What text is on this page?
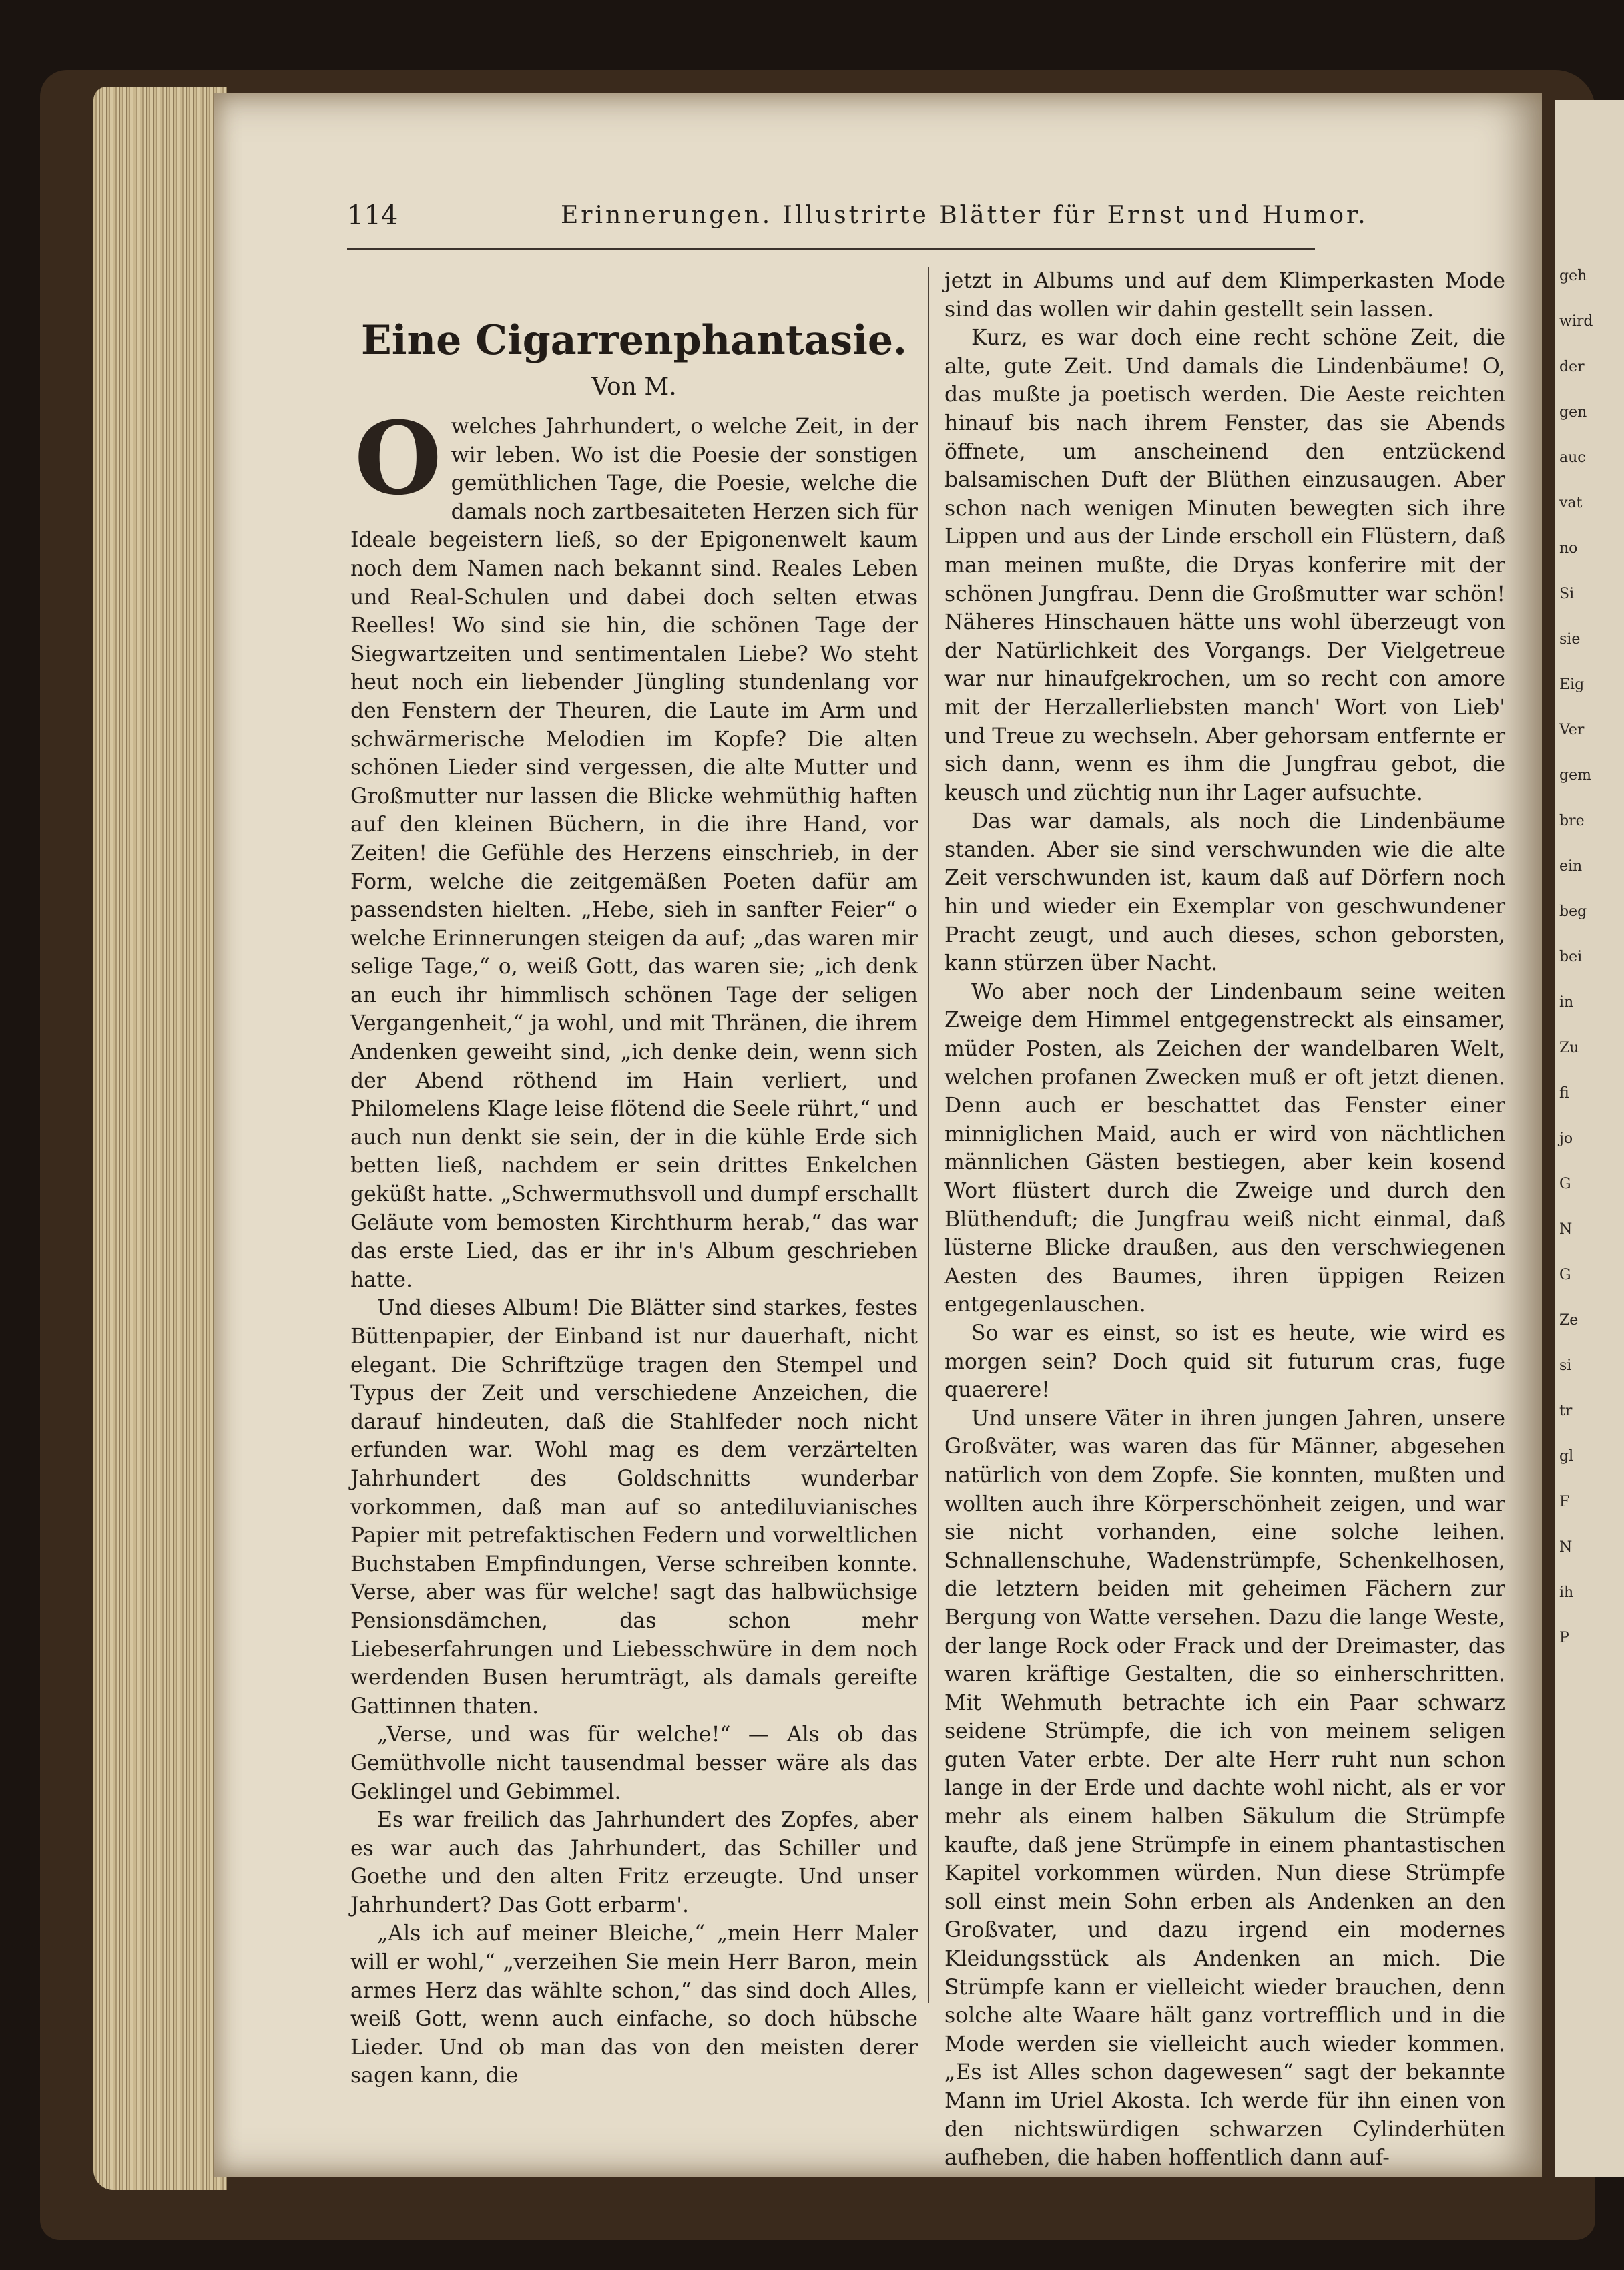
geh
wird
der
gen
auc
vat
no
Si
sie
Eig
Ver
gem
bre
ein
beg
bei
in
Zu
fi
jo
G
N
G
Ze
si
tr
gl
F
N
ih
P
114	Erinnerungen. Illustrirte Blätter für Ernst und Humor.

Eine Cigarrenphantasie.

Von M.

Owelches Jahrhundert, o welche Zeit, in der wir leben. Wo ist die Poesie der sonstigen gemüthlichen Tage, die Poesie, welche die damals noch zartbesaiteten Herzen sich für Ideale begeistern ließ, so der Epigonenwelt kaum noch dem Namen nach bekannt sind. Reales Leben und Real-Schulen und dabei doch selten etwas Reelles! Wo sind sie hin, die schönen Tage der Siegwartzeiten und sentimentalen Liebe? Wo steht heut noch ein liebender Jüngling stundenlang vor den Fenstern der Theuren, die Laute im Arm und schwärmerische Melodien im Kopfe? Die alten schönen Lieder sind vergessen, die alte Mutter und Großmutter nur lassen die Blicke wehmüthig haften auf den kleinen Büchern, in die ihre Hand, vor Zeiten! die Gefühle des Herzens einschrieb, in der Form, welche die zeitgemäßen Poeten dafür am passendsten hielten. „Hebe, sieh in sanfter Feier“ o welche Erinnerungen steigen da auf; „das waren mir selige Tage,“ o, weiß Gott, das waren sie; „ich denk an euch ihr himmlisch schönen Tage der seligen Vergangenheit,“ ja wohl, und mit Thränen, die ihrem Andenken geweiht sind, „ich denke dein, wenn sich der Abend röthend im Hain verliert, und Philomelens Klage leise flötend die Seele rührt,“ und auch nun denkt sie sein, der in die kühle Erde sich betten ließ, nachdem er sein drittes Enkelchen geküßt hatte. „Schwermuthsvoll und dumpf erschallt Geläute vom bemosten Kirchthurm herab,“ das war das erste Lied, das er ihr in's Album geschrieben hatte.

Und dieses Album! Die Blätter sind starkes, festes Büttenpapier, der Einband ist nur dauerhaft, nicht elegant. Die Schriftzüge tragen den Stempel und Typus der Zeit und verschiedene Anzeichen, die darauf hindeuten, daß die Stahlfeder noch nicht erfunden war. Wohl mag es dem verzärtelten Jahrhundert des Goldschnitts wunderbar vorkommen, daß man auf so antediluvianisches Papier mit petrefaktischen Federn und vorweltlichen Buchstaben Empfindungen, Verse schreiben konnte. Verse, aber was für welche! sagt das halbwüchsige Pensionsdämchen, das schon mehr Liebeserfahrungen und Liebesschwüre in dem noch werdenden Busen herumträgt, als damals gereifte Gattinnen thaten.

„Verse, und was für welche!“ — Als ob das Gemüthvolle nicht tausendmal besser wäre als das Geklingel und Gebimmel.

Es war freilich das Jahrhundert des Zopfes, aber es war auch das Jahrhundert, das Schiller und Goethe und den alten Fritz erzeugte. Und unser Jahrhundert? Das Gott erbarm'.

„Als ich auf meiner Bleiche,“ „mein Herr Maler will er wohl,“ „verzeihen Sie mein Herr Baron, mein armes Herz das wählte schon,“ das sind doch Alles, weiß Gott, wenn auch einfache, so doch hübsche Lieder. Und ob man das von den meisten derer sagen kann, die

jetzt in Albums und auf dem Klimperkasten Mode sind das wollen wir dahin gestellt sein lassen.

Kurz, es war doch eine recht schöne Zeit, die alte, gute Zeit. Und damals die Lindenbäume! O, das mußte ja poetisch werden. Die Aeste reichten hinauf bis nach ihrem Fenster, das sie Abends öffnete, um anscheinend den entzückend balsamischen Duft der Blüthen einzusaugen. Aber schon nach wenigen Minuten bewegten sich ihre Lippen und aus der Linde erscholl ein Flüstern, daß man meinen mußte, die Dryas konferire mit der schönen Jungfrau. Denn die Großmutter war schön! Näheres Hinschauen hätte uns wohl überzeugt von der Natürlichkeit des Vorgangs. Der Vielgetreue war nur hinaufgekrochen, um so recht con amore mit der Herzallerliebsten manch' Wort von Lieb' und Treue zu wechseln. Aber gehorsam entfernte er sich dann, wenn es ihm die Jungfrau gebot, die keusch und züchtig nun ihr Lager aufsuchte.

Das war damals, als noch die Lindenbäume standen. Aber sie sind verschwunden wie die alte Zeit verschwunden ist, kaum daß auf Dörfern noch hin und wieder ein Exemplar von geschwundener Pracht zeugt, und auch dieses, schon geborsten, kann stürzen über Nacht.

Wo aber noch der Lindenbaum seine weiten Zweige dem Himmel entgegenstreckt als einsamer, müder Posten, als Zeichen der wandelbaren Welt, welchen profanen Zwecken muß er oft jetzt dienen. Denn auch er beschattet das Fenster einer minniglichen Maid, auch er wird von nächtlichen männlichen Gästen bestiegen, aber kein kosend Wort flüstert durch die Zweige und durch den Blüthenduft; die Jungfrau weiß nicht einmal, daß lüsterne Blicke draußen, aus den verschwiegenen Aesten des Baumes, ihren üppigen Reizen entgegenlauschen.

So war es einst, so ist es heute, wie wird es morgen sein? Doch quid sit futurum cras, fuge quaerere!

Und unsere Väter in ihren jungen Jahren, unsere Großväter, was waren das für Männer, abgesehen natürlich von dem Zopfe. Sie konnten, mußten und wollten auch ihre Körperschönheit zeigen, und war sie nicht vorhanden, eine solche leihen. Schnallenschuhe, Wadenstrümpfe, Schenkelhosen, die letztern beiden mit geheimen Fächern zur Bergung von Watte versehen. Dazu die lange Weste, der lange Rock oder Frack und der Dreimaster, das waren kräftige Gestalten, die so einherschritten. Mit Wehmuth betrachte ich ein Paar schwarz seidene Strümpfe, die ich von meinem seligen guten Vater erbte. Der alte Herr ruht nun schon lange in der Erde und dachte wohl nicht, als er vor mehr als einem halben Säkulum die Strümpfe kaufte, daß jene Strümpfe in einem phantastischen Kapitel vorkommen würden. Nun diese Strümpfe soll einst mein Sohn erben als Andenken an den Großvater, und dazu irgend ein modernes Kleidungsstück als Andenken an mich. Die Strümpfe kann er vielleicht wieder brauchen, denn solche alte Waare hält ganz vortrefflich und in die Mode werden sie vielleicht auch wieder kommen. „Es ist Alles schon dagewesen“ sagt der bekannte Mann im Uriel Akosta. Ich werde für ihn einen von den nichtswürdigen schwarzen Cylinderhüten aufheben, die haben hoffentlich dann auf-
